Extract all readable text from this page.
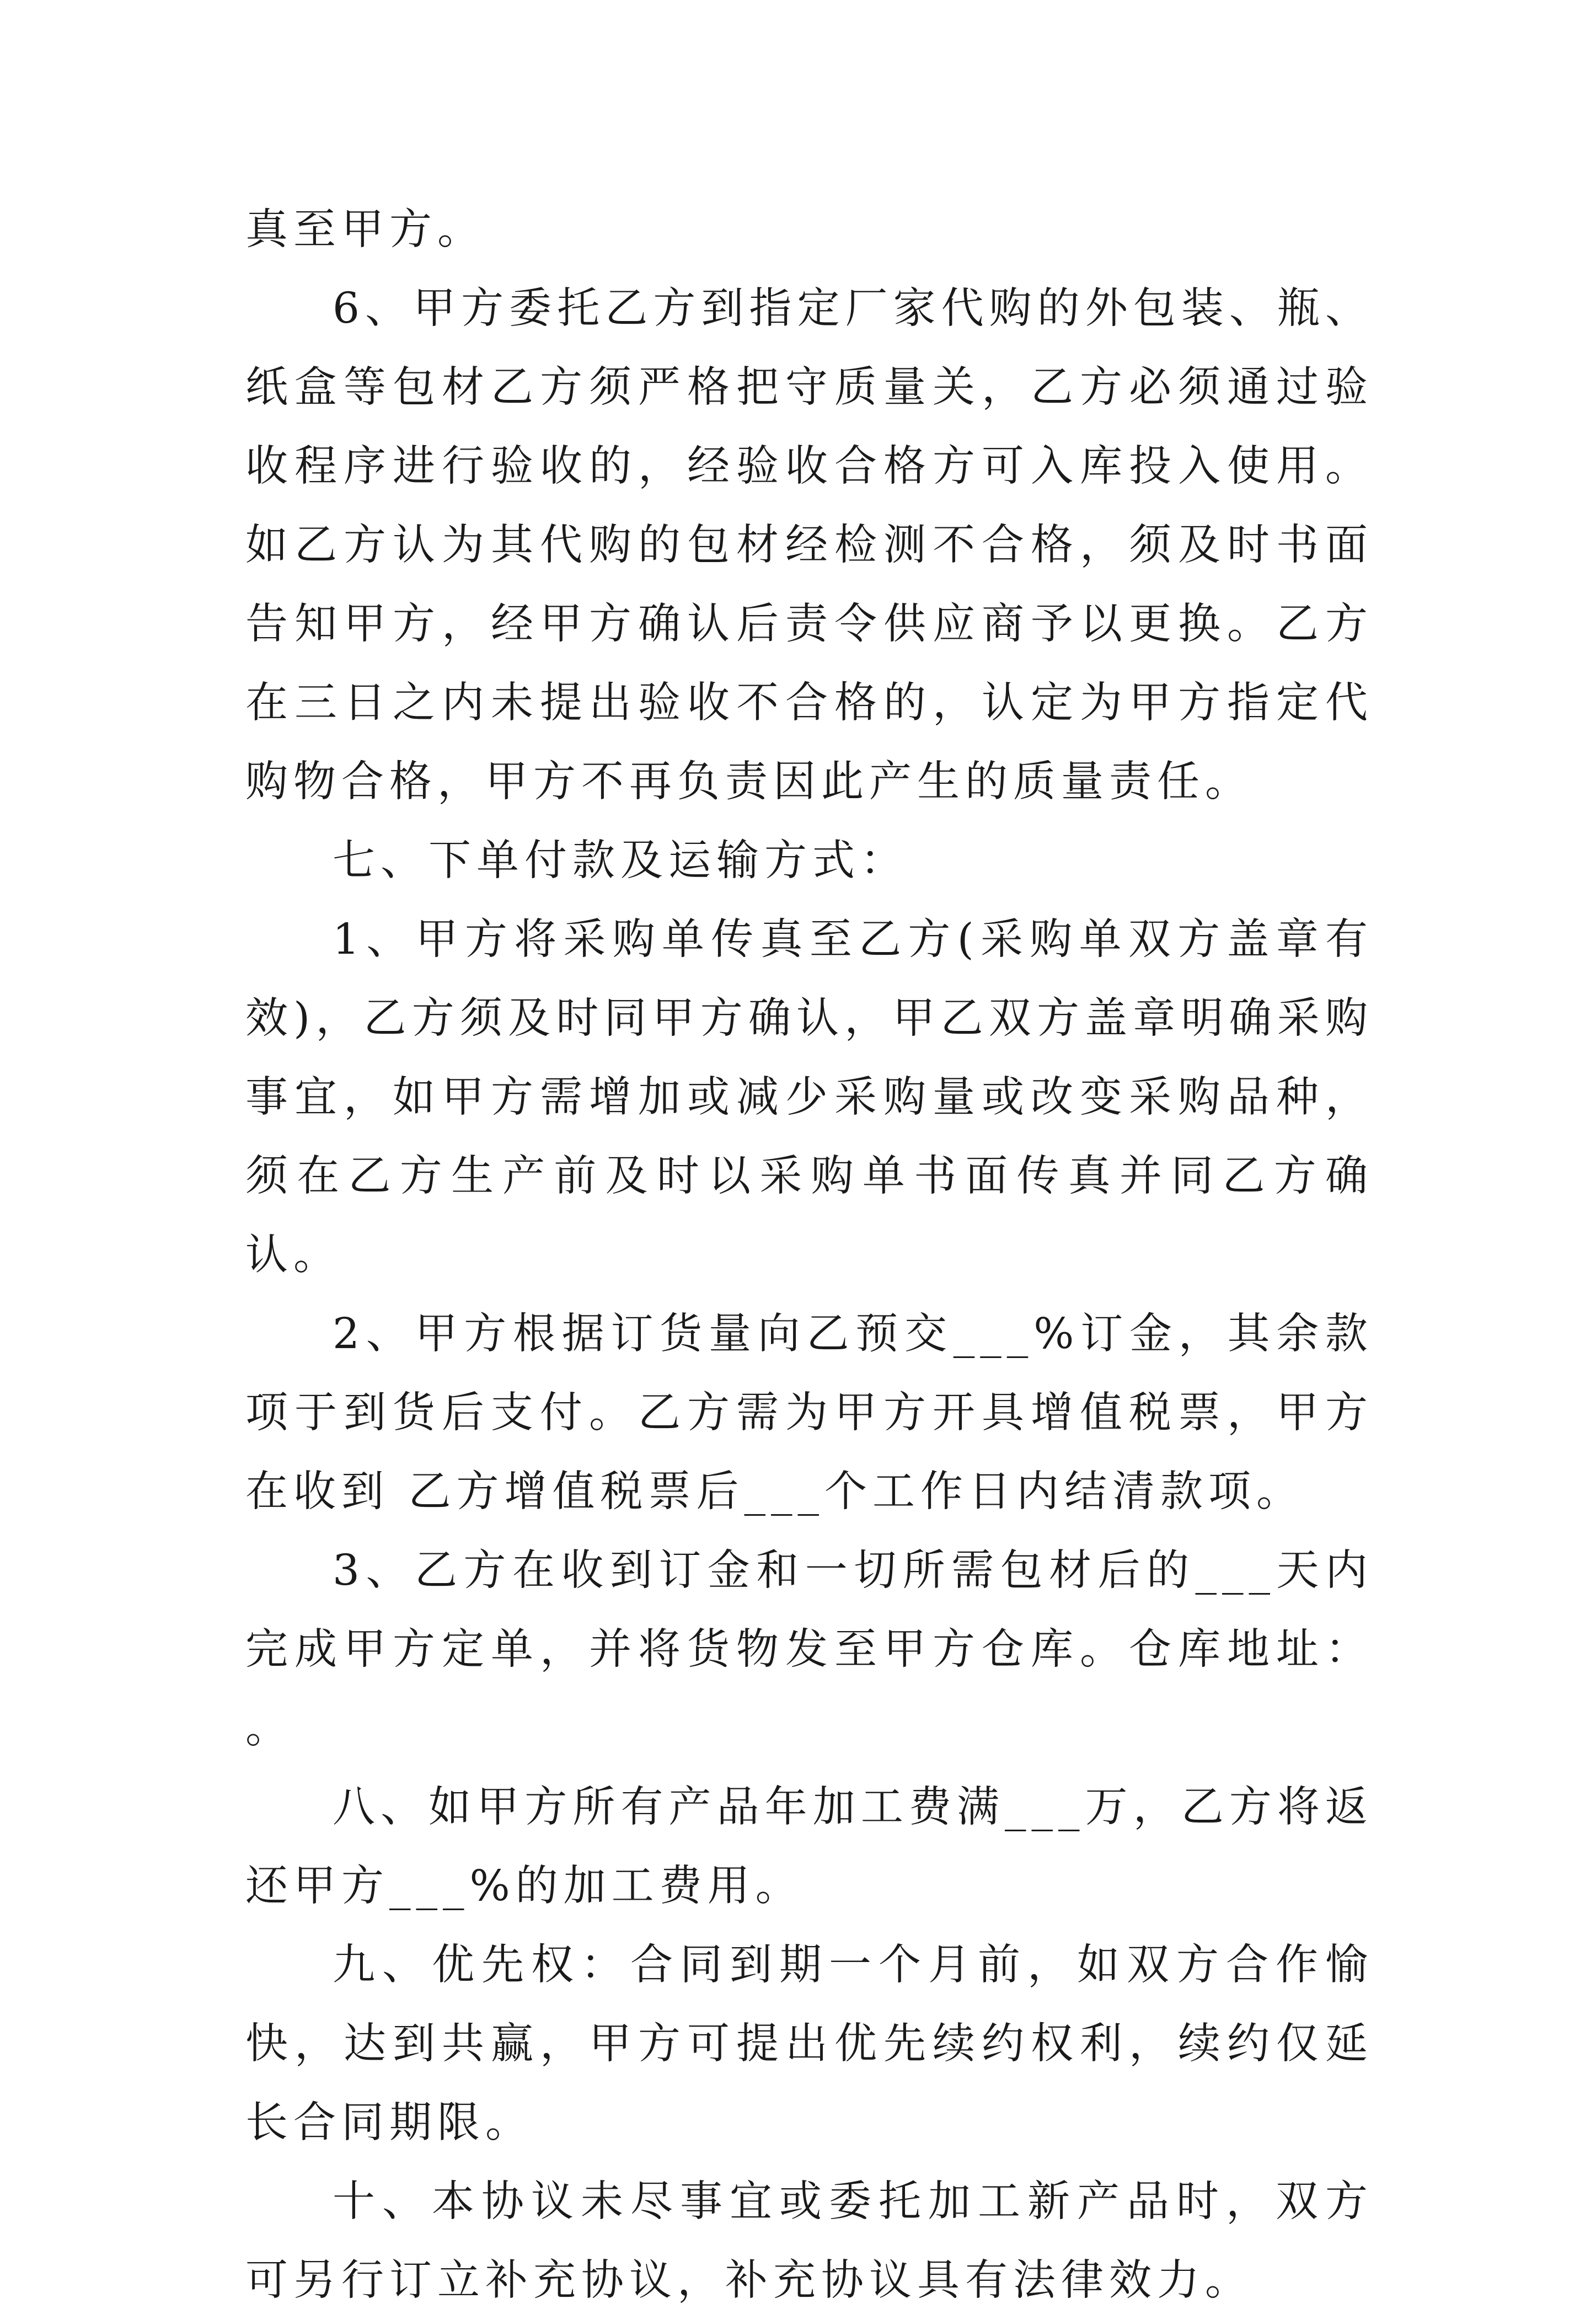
真至甲方。

6、甲方委托乙方到指定厂家代购的外包装、瓶、纸盒等包材乙方须严格把守质量关，乙方必须通过验收程序进行验收的，经验收合格方可入库投入使用。如乙方认为其代购的包材经检测不合格，须及时书面告知甲方，经甲方确认后责令供应商予以更换。乙方在三日之内未提出验收不合格的，认定为甲方指定代购物合格，甲方不再负责因此产生的质量责任。

七、下单付款及运输方式：

1、甲方将采购单传真至乙方(采购单双方盖章有效)，乙方须及时同甲方确认，甲乙双方盖章明确采购事宜，如甲方需增加或减少采购量或改变采购品种，须在乙方生产前及时以采购单书面传真并同乙方确认。

2、甲方根据订货量向乙预交___%订金，其余款项于到货后支付。乙方需为甲方开具增值税票，甲方在收到 乙方增值税票后___个工作日内结清款项。

3、乙方在收到订金和一切所需包材后的___天内完成甲方定单，并将货物发至甲方仓库。仓库地址： 。

八、如甲方所有产品年加工费满___万，乙方将返还甲方___%的加工费用。

九、优先权：合同到期一个月前，如双方合作愉快，达到共赢，甲方可提出优先续约权利，续约仅延长合同期限。

十、本协议未尽事宜或委托加工新产品时，双方可另行订立补充协议，补充协议具有法律效力。
